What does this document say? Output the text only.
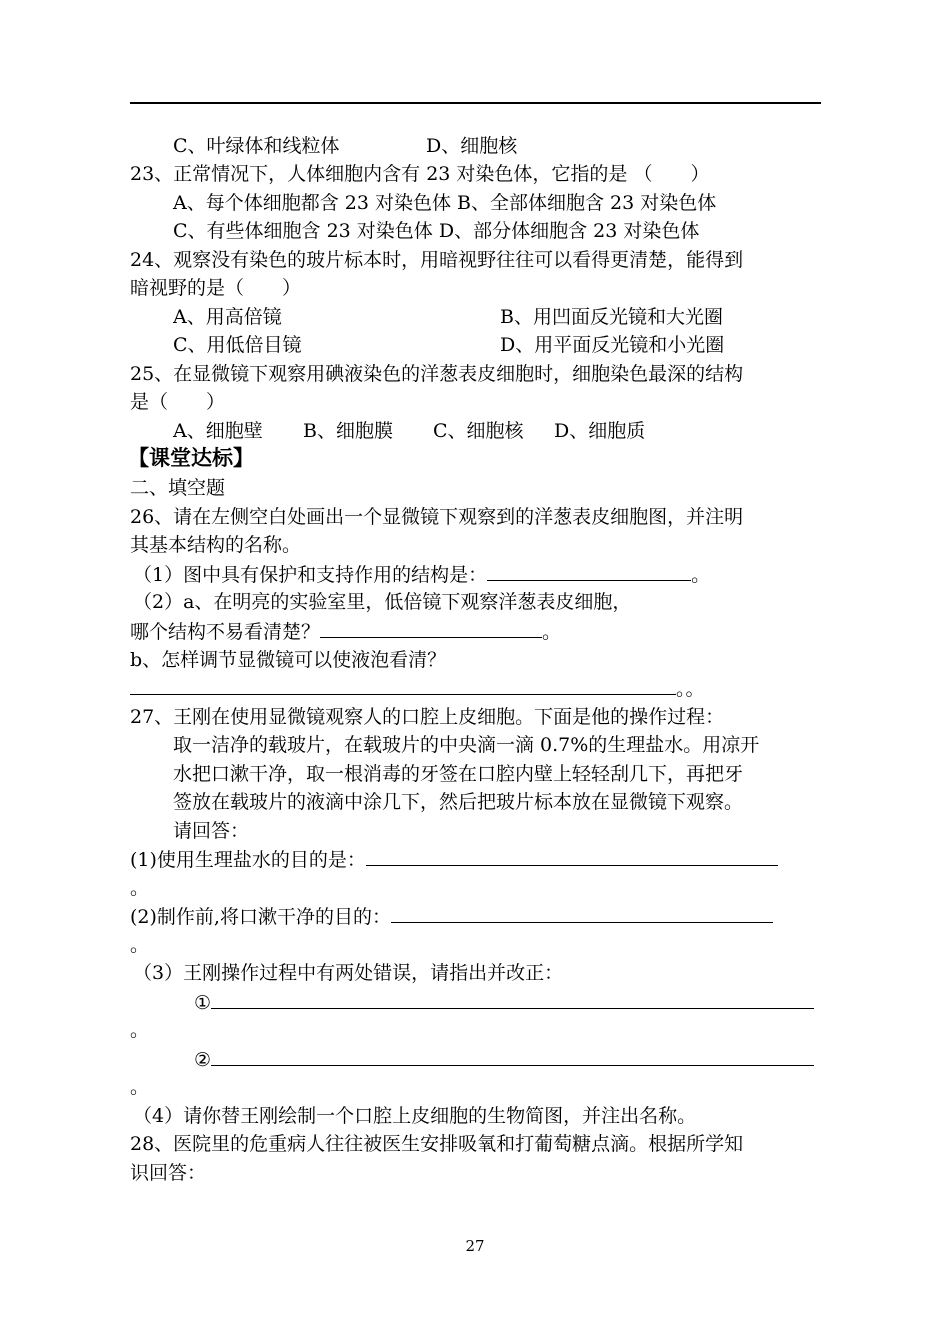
C、叶绿体和线粒体	D、细胞核
23、正常情况下，人体细胞内含有 23 对染色体，它指的是 （　　）
A、每个体细胞都含 23 对染色体 B、全部体细胞含 23 对染色体
C、有些体细胞含 23 对染色体 D、部分体细胞含 23 对染色体
24、观察没有染色的玻片标本时，用暗视野往往可以看得更清楚，能得到
暗视野的是（　　）
A、用高倍镜	B、用凹面反光镜和大光圈
C、用低倍目镜	D、用平面反光镜和小光圈
25、在显微镜下观察用碘液染色的洋葱表皮细胞时，细胞染色最深的结构
是（　　）
A、细胞壁 B、细胞膜 C、细胞核 D、细胞质
【课堂达标】
二、填空题
26、请在左侧空白处画出一个显微镜下观察到的洋葱表皮细胞图，并注明
其基本结构的名称。
（1）图中具有保护和支持作用的结构是：	。
（2）a、在明亮的实验室里，低倍镜下观察洋葱表皮细胞，
哪个结构不易看清楚？	。
b、怎样调节显微镜可以使液泡看清？
。。
27、王刚在使用显微镜观察人的口腔上皮细胞。下面是他的操作过程：
取一洁净的载玻片，在载玻片的中央滴一滴 0.7%的生理盐水。用凉开
水把口漱干净，取一根消毒的牙签在口腔内壁上轻轻刮几下，再把牙
签放在载玻片的液滴中涂几下，然后把玻片标本放在显微镜下观察。
请回答：
(1)使用生理盐水的目的是：
。
(2)制作前,将口漱干净的目的：
。
（3）王刚操作过程中有两处错误，请指出并改正：
①
。
②
。
（4）请你替王刚绘制一个口腔上皮细胞的生物简图，并注出名称。
28、医院里的危重病人往往被医生安排吸氧和打葡萄糖点滴。根据所学知
识回答：
27
